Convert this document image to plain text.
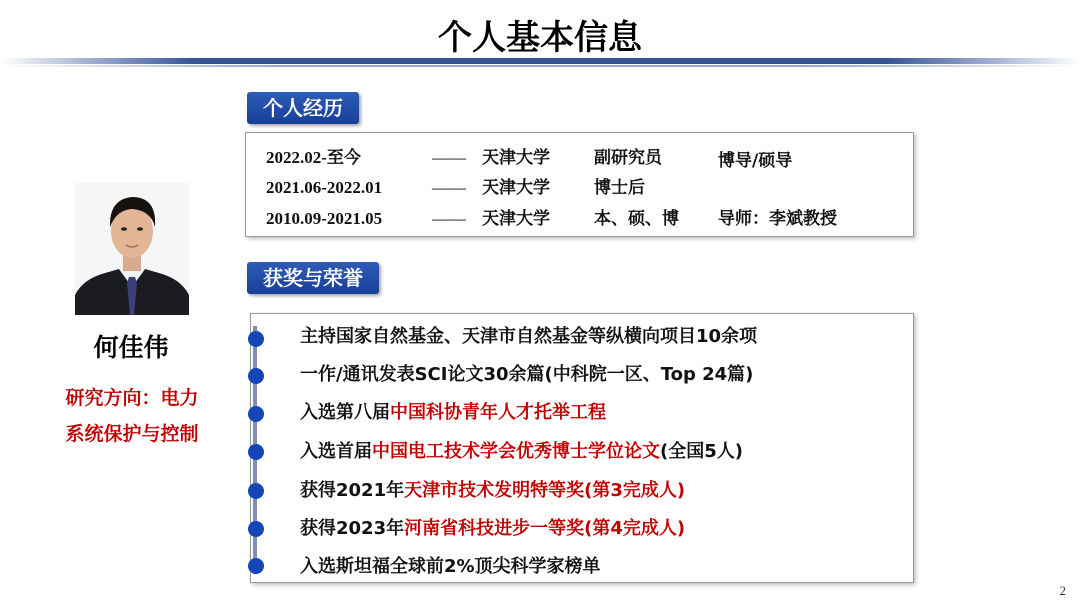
个人基本信息
何佳伟
研究方向：电力
系统保护与控制
个人经历
2022.02-至今	—— 天津大学	副研究员	博导/硕导
2021.06-2022.01	—— 天津大学	博士后
2010.09-2021.05	—— 天津大学	本、硕、博 导师：李斌教授
获奖与荣誉
主持国家自然基金、天津市自然基金等纵横向项目10余项
一作/通讯发表SCI论文30余篇(中科院一区、Top 24篇)
入选第八届中国科协青年人才托举工程
入选首届中国电工技术学会优秀博士学位论文(全国5人)
获得2021年天津市技术发明特等奖(第3完成人)
获得2023年河南省科技进步一等奖(第4完成人)
入选斯坦福全球前2%顶尖科学家榜单
2
